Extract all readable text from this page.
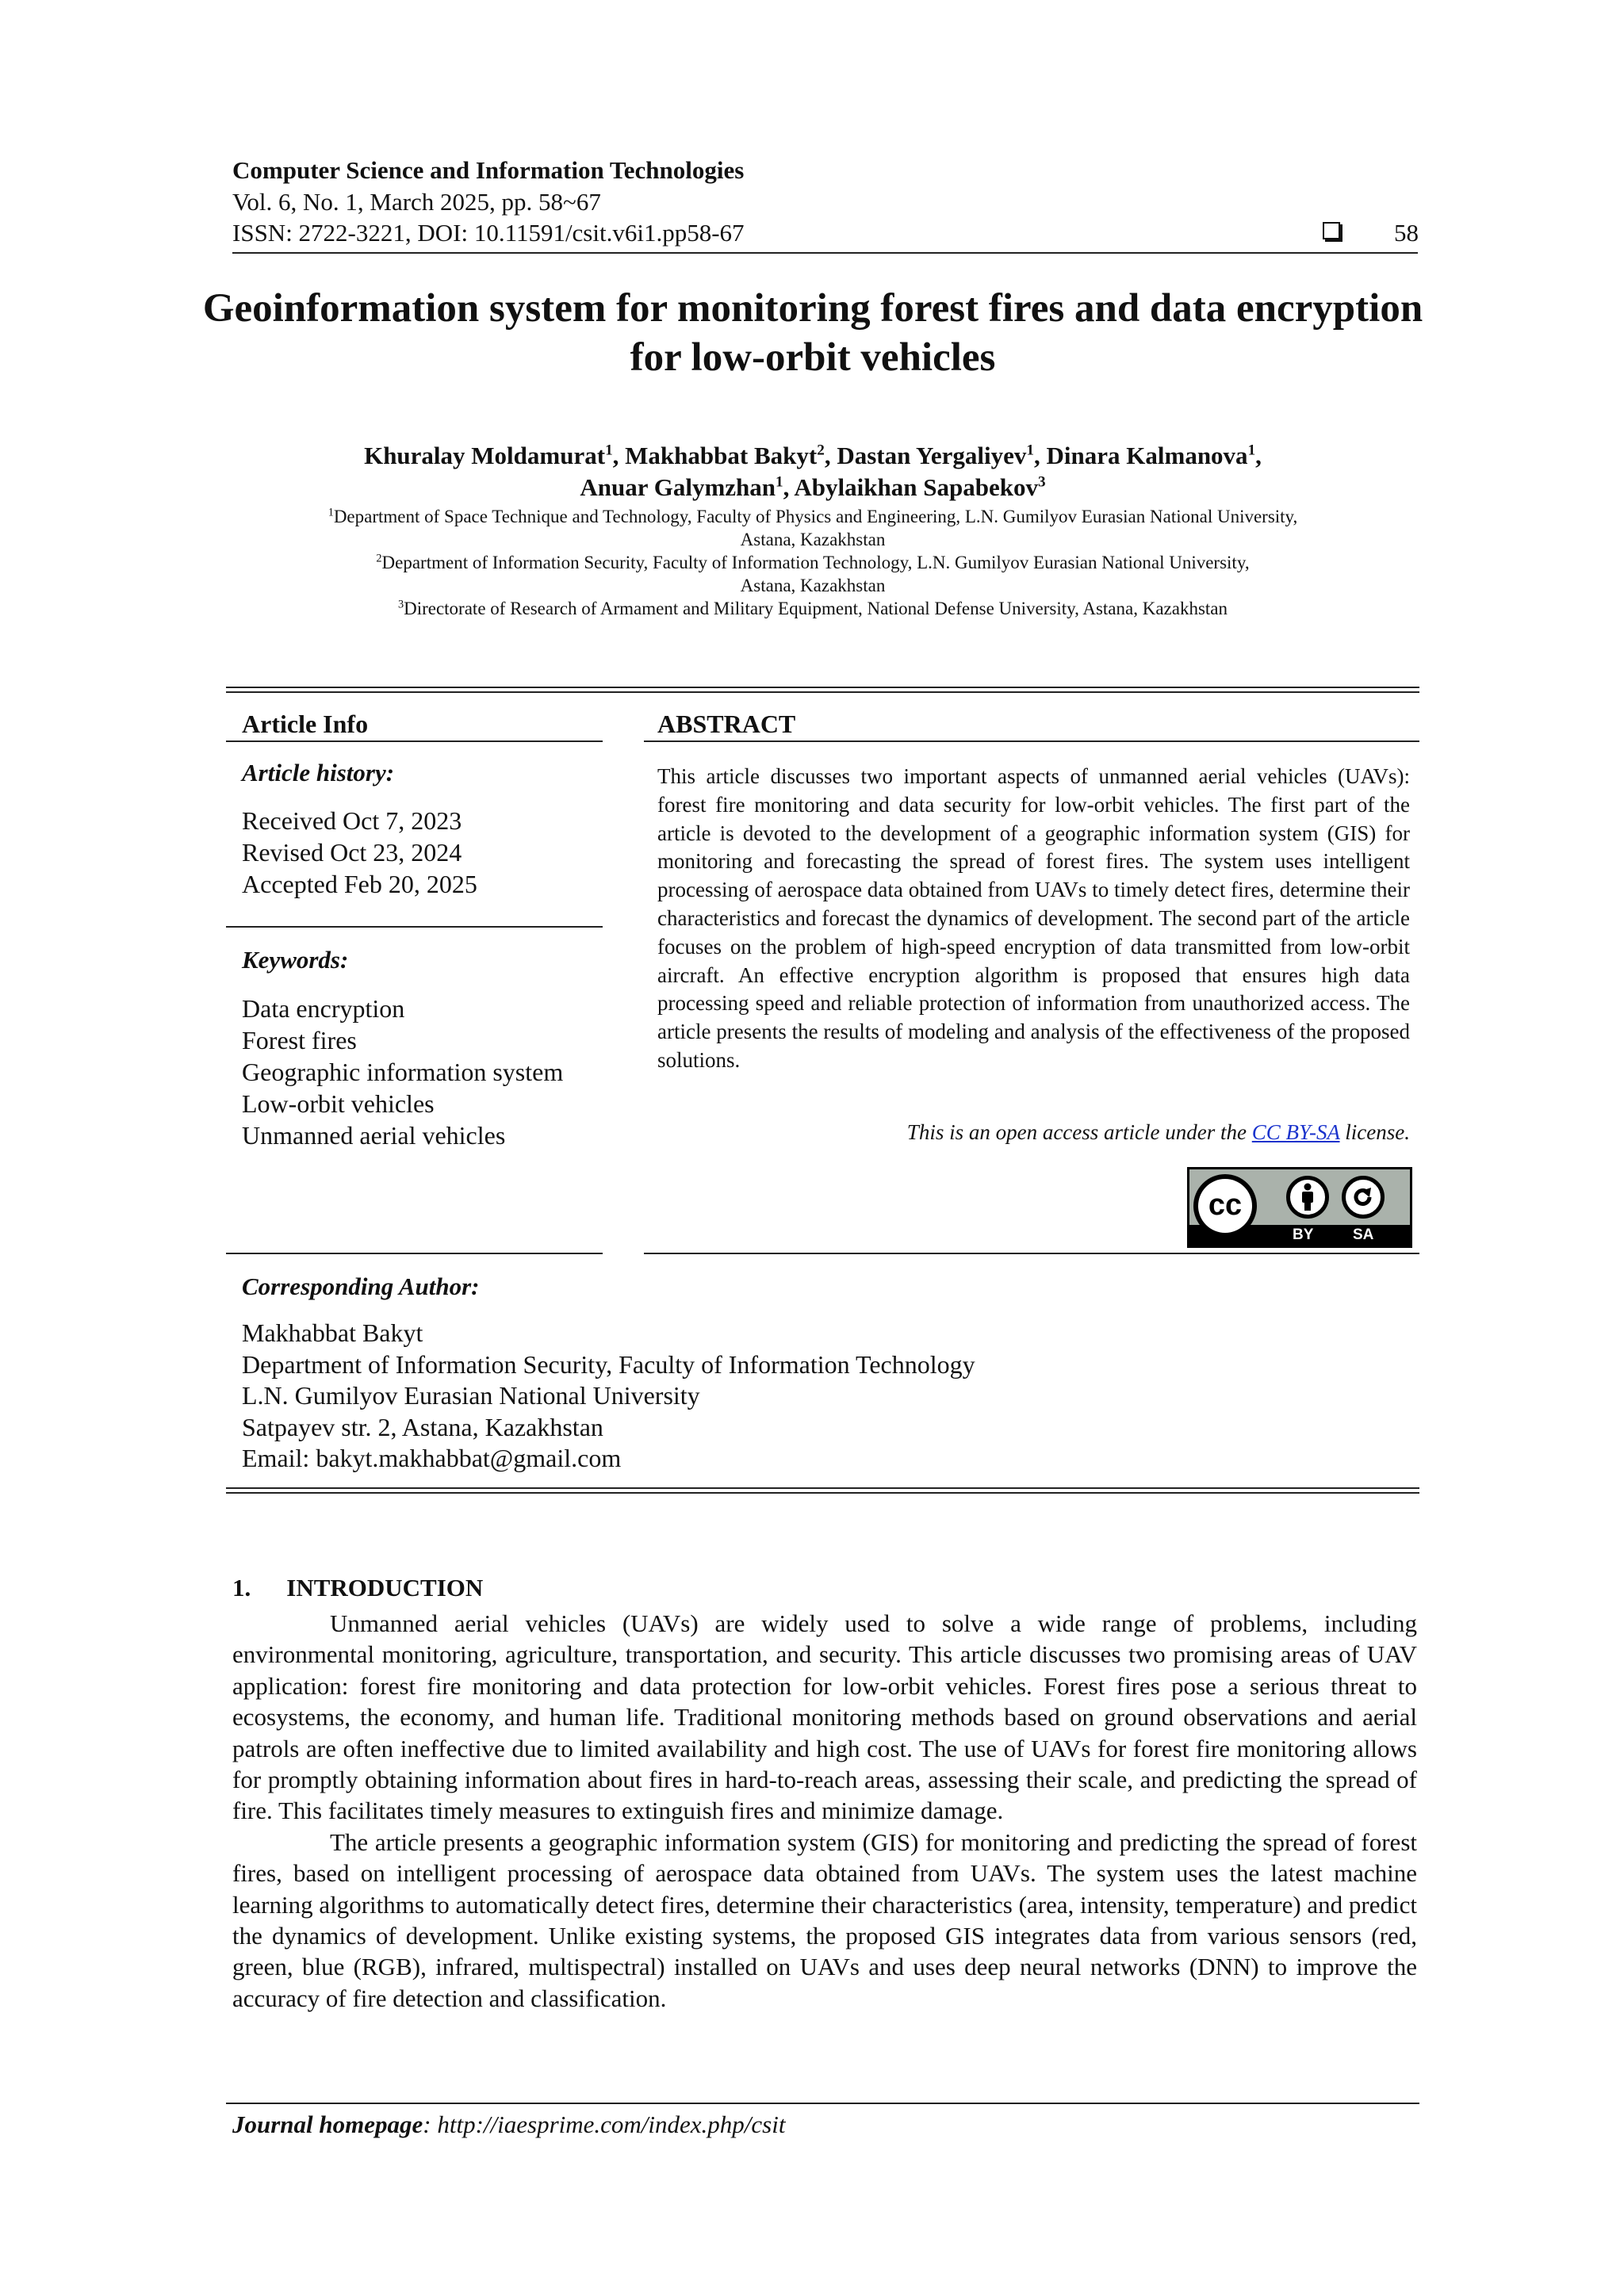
Computer Science and Information Technologies
Vol. 6, No. 1, March 2025, pp. 58~67
ISSN: 2722-3221, DOI: 10.11591/csit.v6i1.pp58-67	58
Geoinformation system for monitoring forest fires and data encryption for low-orbit vehicles
Khuralay Moldamurat$^1$, Makhabbat Bakyt$^2$, Dastan Yergaliyev$^1$, Dinara Kalmanova$^1$,
Anuar Galymzhan$^1$, Abylaikhan Sapabekov$^3$

$^1$Department of Space Technique and Technology, Faculty of Physics and Engineering, L.N. Gumilyov Eurasian National University,

Astana, Kazakhstan

$^2$Department of Information Security, Faculty of Information Technology, L.N. Gumilyov Eurasian National University,

Astana, Kazakhstan

$^3$Directorate of Research of Armament and Military Equipment, National Defense University, Astana, Kazakhstan

Article Info
Article history:
Received Oct 7, 2023
Revised Oct 23, 2024
Accepted Feb 20, 2025
Keywords:
Data encryption
Forest fires
Geographic information system
Low-orbit vehicles
Unmanned aerial vehicles
ABSTRACT
This article discusses two important aspects of unmanned aerial vehicles (UAVs): forest fire monitoring and data security for low-orbit vehicles. The first part of the article is devoted to the development of a geographic information system (GIS) for monitoring and forecasting the spread of forest fires. The system uses intelligent processing of aerospace data obtained from UAVs to timely detect fires, determine their characteristics and forecast the dynamics of development. The second part of the article focuses on the problem of high-speed encryption of data transmitted from low-orbit aircraft. An effective encryption algorithm is proposed that ensures high data processing speed and reliable protection of information from unauthorized access. The article presents the results of modeling and analysis of the effectiveness of the proposed solutions.
This is an open access article under the CC BY-SA license.
cc
BY	SA
Corresponding Author:
Makhabbat Bakyt
Department of Information Security, Faculty of Information Technology
L.N. Gumilyov Eurasian National University
Satpayev str. 2, Astana, Kazakhstan
Email: bakyt.makhabbat@gmail.com
1. INTRODUCTION

Unmanned aerial vehicles (UAVs) are widely used to solve a wide range of problems, including environmental monitoring, agriculture, transportation, and security. This article discusses two promising areas of UAV application: forest fire monitoring and data protection for low-orbit vehicles. Forest fires pose a serious threat to ecosystems, the economy, and human life. Traditional monitoring methods based on ground observations and aerial patrols are often ineffective due to limited availability and high cost. The use of UAVs for forest fire monitoring allows for promptly obtaining information about fires in hard-to-reach areas, assessing their scale, and predicting the spread of fire. This facilitates timely measures to extinguish fires and minimize damage.

The article presents a geographic information system (GIS) for monitoring and predicting the spread of forest fires, based on intelligent processing of aerospace data obtained from UAVs. The system uses the latest machine learning algorithms to automatically detect fires, determine their characteristics (area, intensity, temperature) and predict the dynamics of development. Unlike existing systems, the proposed GIS integrates data from various sensors (red, green, blue (RGB), infrared, multispectral) installed on UAVs and uses deep neural networks (DNN) to improve the accuracy of fire detection and classification.

Journal homepage: http://iaesprime.com/index.php/csit
